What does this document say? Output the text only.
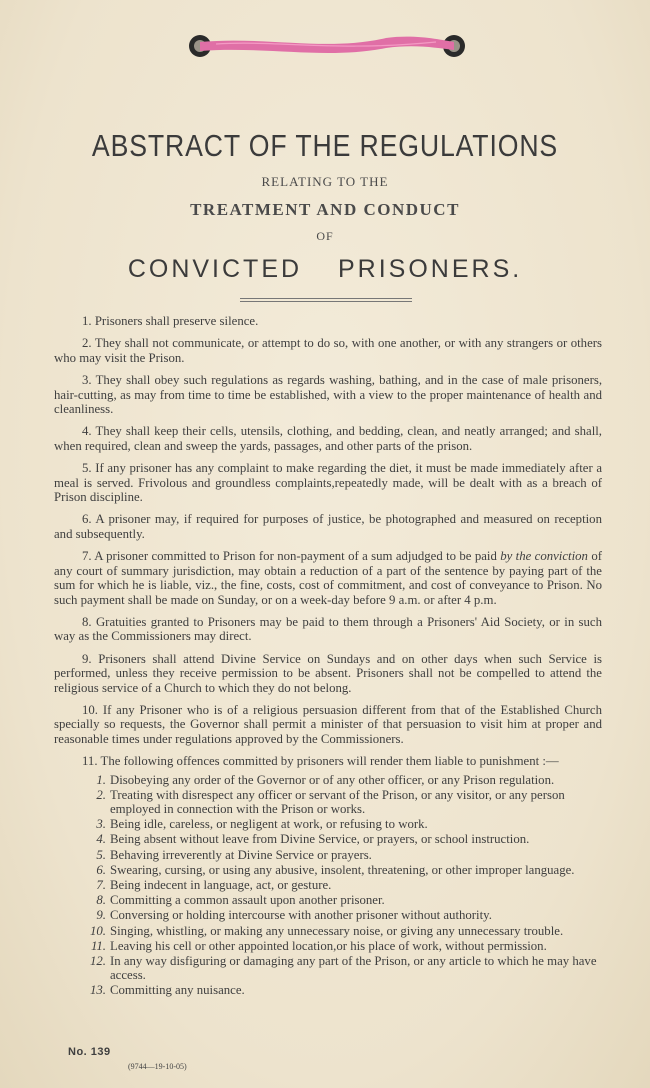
ABSTRACT OF THE REGULATIONS
RELATING TO THE
TREATMENT AND CONDUCT
OF
CONVICTED PRISONERS.

1. Prisoners shall preserve silence.

2. They shall not communicate, or attempt to do so, with one another, or with any strangers or others who may visit the Prison.

3. They shall obey such regulations as regards washing, bathing, and in the case of male prisoners, hair-cutting, as may from time to time be established, with a view to the proper maintenance of health and cleanliness.

4. They shall keep their cells, utensils, clothing, and bedding, clean, and neatly arranged; and shall, when required, clean and sweep the yards, passages, and other parts of the prison.

5. If any prisoner has any complaint to make regarding the diet, it must be made immediately after a meal is served. Frivolous and groundless complaints,repeatedly made, will be dealt with as a breach of Prison discipline.

6. A prisoner may, if required for purposes of justice, be photographed and measured on reception and subsequently.

7. A prisoner committed to Prison for non-payment of a sum adjudged to be paid by the conviction of any court of summary jurisdiction, may obtain a reduction of a part of the sentence by paying part of the sum for which he is liable, viz., the fine, costs, cost of commitment, and cost of conveyance to Prison. No such payment shall be made on Sunday, or on a week-day before 9 a.m. or after 4 p.m.

8. Gratuities granted to Prisoners may be paid to them through a Prisoners' Aid Society, or in such way as the Commissioners may direct.

9. Prisoners shall attend Divine Service on Sundays and on other days when such Service is performed, unless they receive permission to be absent. Prisoners shall not be compelled to attend the religious service of a Church to which they do not belong.

10. If any Prisoner who is of a religious persuasion different from that of the Established Church specially so requests, the Governor shall permit a minister of that persuasion to visit him at proper and reasonable times under regulations approved by the Commissioners.

11. The following offences committed by prisoners will render them liable to punishment :—

1. Disobeying any order of the Governor or of any other officer, or any Prison regulation.
2. Treating with disrespect any officer or servant of the Prison, or any visitor, or any person employed in connection with the Prison or works.
3. Being idle, careless, or negligent at work, or refusing to work.
4. Being absent without leave from Divine Service, or prayers, or school instruction.
5. Behaving irreverently at Divine Service or prayers.
6. Swearing, cursing, or using any abusive, insolent, threatening, or other improper language.
7. Being indecent in language, act, or gesture.
8. Committing a common assault upon another prisoner.
9. Conversing or holding intercourse with another prisoner without authority.
10. Singing, whistling, or making any unnecessary noise, or giving any unnecessary trouble.
11. Leaving his cell or other appointed location,or his place of work, without permission.
12. In any way disfiguring or damaging any part of the Prison, or any article to which he may have access.
13. Committing any nuisance.
No. 139
(9744—19-10-05)
